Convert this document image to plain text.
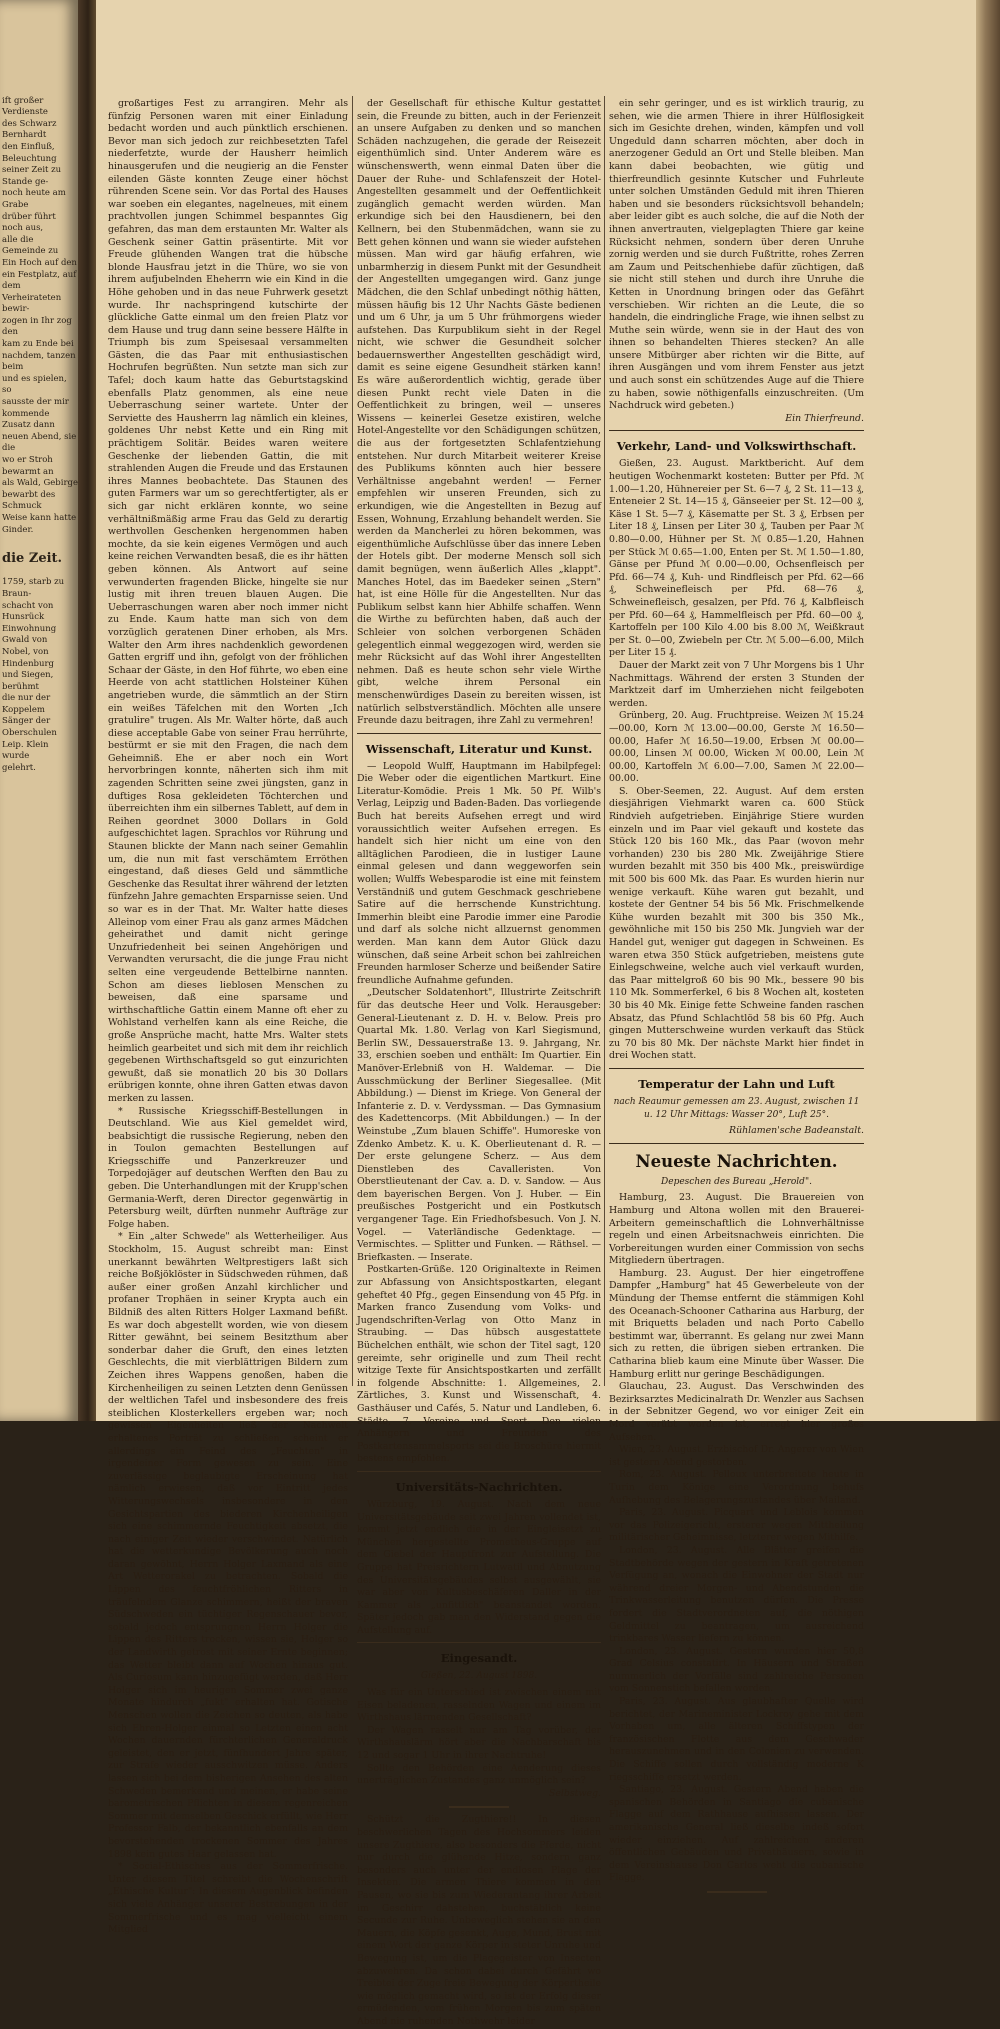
ift großer Verdienste
des Schwarz Bernhardt
den Einfluß, Beleuchtung
seiner Zeit zu Stande ge-
noch heute am Grabe
drüber führt noch aus,
alle die Gemeinde zu
Ein Hoch auf den
ein Festplatz, auf dem
Verheirateten bewir-
zogen in Ihr zog den
kam zu Ende bei
nachdem, tanzen beim
und es spielen, so
sausste der mir
kommende Zusatz dann
neuen Abend, sie die
wo er Stroh bewarmt an
als Wald, Gebirge
bewarbt des Schmuck
Weise kann hatte
Ginder.

die Zeit.

1759, starb zu Braun-
schacht von Hunsrück
Einwohnung Gwald von
Nobel, von Hindenburg
und Siegen, berühmt
die nur der Koppelem
Sänger der Oberschulen
Leip. Klein wurde
gelehrt.

großartiges Fest zu arrangiren. Mehr als fünfzig Personen waren mit einer Einladung bedacht worden und auch pünktlich erschienen. Bevor man sich jedoch zur reichbesetzten Tafel niederfetzte, wurde der Hausherr heimlich hinausgerufen und die neugierig an die Fenster eilenden Gäste konnten Zeuge einer höchst rührenden Scene sein. Vor das Portal des Hauses war soeben ein elegantes, nagelneues, mit einem prachtvollen jungen Schimmel bespanntes Gig gefahren, das man dem erstaunten Mr. Walter als Geschenk seiner Gattin präsentirte. Mit vor Freude glühenden Wangen trat die hübsche blonde Hausfrau jetzt in die Thüre, wo sie von ihrem aufjubelnden Eheherrn wie ein Kind in die Höhe gehoben und in das neue Fuhrwerk gesetzt wurde. Ihr nachspringend kutschirte der glückliche Gatte einmal um den freien Platz vor dem Hause und trug dann seine bessere Hälfte in Triumph bis zum Speisesaal versammelten Gästen, die das Paar mit enthusiastischen Hochrufen begrüßten. Nun setzte man sich zur Tafel; doch kaum hatte das Geburtstagskind ebenfalls Platz genommen, als eine neue Ueberraschung seiner wartete. Unter der Serviette des Hausherrn lag nämlich ein kleines, goldenes Uhr nebst Kette und ein Ring mit prächtigem Solitär. Beides waren weitere Geschenke der liebenden Gattin, die mit strahlenden Augen die Freude und das Erstaunen ihres Mannes beobachtete. Das Staunen des guten Farmers war um so gerechtfertigter, als er sich gar nicht erklären konnte, wo seine verhältnißmäßig arme Frau das Geld zu derartig werthvollen Geschenken hergenommen haben mochte, da sie kein eigenes Vermögen und auch keine reichen Verwandten besaß, die es ihr hätten geben können. Als Antwort auf seine verwunderten fragenden Blicke, hingelte sie nur lustig mit ihren treuen blauen Augen. Die Ueberraschungen waren aber noch immer nicht zu Ende. Kaum hatte man sich von dem vorzüglich geratenen Diner erhoben, als Mrs. Walter den Arm ihres nachdenklich gewordenen Gatten ergriff und ihn, gefolgt von der fröhlichen Schaar der Gäste, in den Hof führte, wo eben eine Heerde von acht stattlichen Holsteiner Kühen angetrieben wurde, die sämmtlich an der Stirn ein weißes Täfelchen mit den Worten „Ich gratulire" trugen. Als Mr. Walter hörte, daß auch diese acceptable Gabe von seiner Frau herrührte, bestürmt er sie mit den Fragen, die nach dem Geheimniß. Ehe er aber noch ein Wort hervorbringen konnte, näherten sich ihm mit zagenden Schritten seine zwei jüngsten, ganz in duftiges Rosa gekleideten Töchterchen und überreichten ihm ein silbernes Tablett, auf dem in Reihen geordnet 3000 Dollars in Gold aufgeschichtet lagen. Sprachlos vor Rührung und Staunen blickte der Mann nach seiner Gemahlin um, die nun mit fast verschämtem Erröthen eingestand, daß dieses Geld und sämmtliche Geschenke das Resultat ihrer während der letzten fünfzehn Jahre gemachten Ersparnisse seien. Und so war es in der That. Mr. Walter hatte dieses Alleinop vom einer Frau als ganz armes Mädchen geheirathet und damit nicht geringe Unzufriedenheit bei seinen Angehörigen und Verwandten verursacht, die die junge Frau nicht selten eine vergeudende Bettelbirne nannten. Schon am dieses lieblosen Menschen zu beweisen, daß eine sparsame und wirthschaftliche Gattin einem Manne oft eher zu Wohlstand verhelfen kann als eine Reiche, die große Ansprüche macht, hatte Mrs. Walter stets heimlich gearbeitet und sich mit dem ihr reichlich gegebenen Wirthschaftsgeld so gut einzurichten gewußt, daß sie monatlich 20 bis 30 Dollars erübrigen konnte, ohne ihren Gatten etwas davon merken zu lassen.

* Russische Kriegsschiff-Bestellungen in Deutschland. Wie aus Kiel gemeldet wird, beabsichtigt die russische Regierung, neben den in Toulon gemachten Bestellungen auf Kriegsschiffe und Panzerkreuzer und Torpedojäger auf deutschen Werften den Bau zu geben. Die Unterhandlungen mit der Krupp'schen Germania-Werft, deren Director gegenwärtig in Petersburg weilt, dürften nunmehr Aufträge zur Folge haben.

* Ein „alter Schwede" als Wetterheiliger. Aus Stockholm, 15. August schreibt man: Einst unerkannt bewährten Weltprestigers laßt sich reiche Boßjöklöster in Südschweden rühmen, daß außer einer großen Anzahl kirchlicher und profaner Trophäen in seiner Krypta auch ein Bildniß des alten Ritters Holger Laxmand befißt. Es war doch abgestellt worden, wie von diesem Ritter gewähnt, bei seinem Besitzthum aber sonderbar daher die Gruft, den eines letzten Geschlechts, die mit vierblättrigen Bildern zum Zeichen ihres Wappens genoßen, haben die Kirchenheiligen zu seinen Letzten denn Genüssen der weltlichen Tafel und insbesondere des freis steiblichen Klosterkellers ergeben war; noch gewissen Eigenheiten ließ der Nachwelt erhaltenes Porträt zu schließen, scheint er allerdings ein Feind des „Feuchten" in irgendeiner Form gewesen zu sein. Eine zuverlässige beglaubigte Erscheinung hat nämlich erwiesen, daß vor Eintritt jedes Witterungswechsels insbesondere in den Gesichtspartien des biederen Kirchenheiligen sich eine schimmernde Feuchtigkeit absetzt, die nach einiger Zeit wieder verschwindet. Natürlich hat die wetterkundige Bevölkerung auch noch daran gewöhnt, Herrn Holger Laxmand als eine Art Wetterorakel zu betrachten. Sobald die Lippen des feuchtfröhlichen Ritters in träufelndem Glanze schimmern, heißt der braven Südschweden ein tüchtiger Regenschauer bevor, sobald jedoch entsprungnen Herrn Holger die Lippen des Ritters trocken, wissen sie, Holger so der Landwirth getrost mit seiner Ernte beginnen; das Wetter bleibt dann auf Wochen hinaus gut. Als Curiosum kann hinzugefügt werden, daß Herr Holger sich im heurigen Sommer zwei ganze Monate hindurch „fukt" erhalten hat. Gotische Menschen wollen die Zeichen so deuten, als habe sich Ehren-Holger einmal so Letzten einen acht Wochen dauernden fürchterlichen Generaldruck geleistet, den er jetzt, fünfhundert Jahre später, zur Strafe wieder ausschwitzen müsse. Anders lassen sich bei dem bisherigen Ansehen des alten Schweden bemerkend und meinen, er habe seine barometrischen Pflichten in diesem regenreichen Sommer mit demselben Geschick erfüllt, wie Herr Professor Falb, der bekanntlich ebenfalls an dem bevorstehenden trockenen Sommer des Jahres 1898 kein gutes Haar gelassen hat.

* Social-Ethisches aus der Sommerfrische. Unter diesem Titel schreibt die Wochenschrift „Ethische Kultur": In diesem Augenblick befinden sich viele Anhänger unserer Bestrebungen in der Sommerfrische und es mag vielleicht einem Mitglied

der Gesellschaft für ethische Kultur gestattet sein, die Freunde zu bitten, auch in der Ferienzeit an unsere Aufgaben zu denken und so manchen Schäden nachzugehen, die gerade der Reisezeit eigenthümlich sind. Unter Anderem wäre es wünschenswerth, wenn einmal Daten über die Dauer der Ruhe- und Schlafenszeit der Hotel-Angestellten gesammelt und der Oeffentlichkeit zugänglich gemacht werden würden. Man erkundige sich bei den Hausdienern, bei den Kellnern, bei den Stubenmädchen, wann sie zu Bett gehen können und wann sie wieder aufstehen müssen. Man wird gar häufig erfahren, wie unbarmherzig in diesem Punkt mit der Gesundheit der Angestellten umgegangen wird. Ganz junge Mädchen, die den Schlaf unbedingt nöthig hätten, müssen häufig bis 12 Uhr Nachts Gäste bedienen und um 6 Uhr, ja um 5 Uhr frühmorgens wieder aufstehen. Das Kurpublikum sieht in der Regel nicht, wie schwer die Gesundheit solcher bedauernswerther Angestellten geschädigt wird, damit es seine eigene Gesundheit stärken kann! Es wäre außerordentlich wichtig, gerade über diesen Punkt recht viele Daten in die Oeffentlichkeit zu bringen, weil — unseres Wissens — keinerlei Gesetze existiren, welche Hotel-Angestellte vor den Schädigungen schützen, die aus der fortgesetzten Schlafentziehung entstehen. Nur durch Mitarbeit weiterer Kreise des Publikums könnten auch hier bessere Verhältnisse angebahnt werden! — Ferner empfehlen wir unseren Freunden, sich zu erkundigen, wie die Angestellten in Bezug auf Essen, Wohnung, Erzahlung behandelt werden. Sie werden da Mancherlei zu hören bekommen, was eigenthümliche Aufschlüsse über das innere Leben der Hotels gibt. Der moderne Mensch soll sich damit begnügen, wenn äußerlich Alles „klappt". Manches Hotel, das im Baedeker seinen „Stern" hat, ist eine Hölle für die Angestellten. Nur das Publikum selbst kann hier Abhilfe schaffen. Wenn die Wirthe zu befürchten haben, daß auch der Schleier von solchen verborgenen Schäden gelegentlich einmal weggezogen wird, werden sie mehr Rücksicht auf das Wohl ihrer Angestellten nehmen. Daß es heute schon sehr viele Wirthe gibt, welche ihrem Personal ein menschenwürdiges Dasein zu bereiten wissen, ist natürlich selbstverständlich. Möchten alle unsere Freunde dazu beitragen, ihre Zahl zu vermehren!

Wissenschaft, Literatur und Kunst.

— Leopold Wulff, Hauptmann im Habilpfegel: Die Weber oder die eigentlichen Martkurt. Eine Literatur-Komödie. Preis 1 Mk. 50 Pf. Wilb's Verlag, Leipzig und Baden-Baden. Das vorliegende Buch hat bereits Aufsehen erregt und wird voraussichtlich weiter Aufsehen erregen. Es handelt sich hier nicht um eine von den alltäglichen Parodieen, die in lustiger Laune einmal gelesen und dann weggeworfen sein wollen; Wulffs Webesparodie ist eine mit feinstem Verständniß und gutem Geschmack geschriebene Satire auf die herrschende Kunstrichtung. Immerhin bleibt eine Parodie immer eine Parodie und darf als solche nicht allzuernst genommen werden. Man kann dem Autor Glück dazu wünschen, daß seine Arbeit schon bei zahlreichen Freunden harmloser Scherze und beißender Satire freundliche Aufnahme gefunden.

„Deutscher Soldatenhort", Illustrirte Zeitschrift für das deutsche Heer und Volk. Herausgeber: General-Lieutenant z. D. H. v. Below. Preis pro Quartal Mk. 1.80. Verlag von Karl Siegismund, Berlin SW., Dessauerstraße 13. 9. Jahrgang, Nr. 33, erschien soeben und enthält: Im Quartier. Ein Manöver-Erlebniß von H. Waldemar. — Die Ausschmückung der Berliner Siegesallee. (Mit Abbildung.) — Dienst im Kriege. Von General der Infanterie z. D. v. Verdyssman. — Das Gymnasium des Kadettencorps. (Mit Abbildungen.) — In der Weinstube „Zum blauen Schiffe". Humoreske von Zdenko Ambetz. K. u. K. Oberlieutenant d. R. — Der erste gelungene Scherz. — Aus dem Dienstleben des Cavalleristen. Von Oberstlieutenant der Cav. a. D. v. Sandow. — Aus dem bayerischen Bergen. Von J. Huber. — Ein preußisches Postgericht und ein Postkutsch vergangener Tage. Ein Friedhofsbesuch. Von J. N. Vogel. — Vaterländische Gedenktage. — Vermischtes. — Splitter und Funken. — Räthsel. — Briefkasten. — Inserate.

Postkarten-Grüße. 120 Originaltexte in Reimen zur Abfassung von Ansichtspostkarten, elegant geheftet 40 Pfg., gegen Einsendung von 45 Pfg. in Marken franco Zusendung vom Volks- und Jugendschriften-Verlag von Otto Manz in Straubing. — Das hübsch ausgestattete Büchelchen enthält, wie schon der Titel sagt, 120 gereimte, sehr originelle und zum Theil recht witzige Texte für Ansichtspostkarten und zerfällt in folgende Abschnitte: 1. Allgemeines, 2. Zärtliches, 3. Kunst und Wissenschaft, 4. Gasthäuser und Cafés, 5. Natur und Landleben, 6. Städte, 7. Vereine und Sport. Den vielen Anhängern und Freunden des Postkartensammelsports sei die Broschüre hiermit bestens empfohlen.

Universitäts-Nachrichten.

Würzburg, 19. August. Nach dem neue Universitätsgebäude seit zwei Jahren vollendet ist, kommt jetzt endlich die in der Eingleisetzt zu München hergestellte Prometheus-Gruppe auf dem Giebel der Hauptfront zur Aufstellung. Die Gruppe hat Preisrichtern Lutwatil und Abnutzung des Universitätsgebäudes selbst ausgewählt, sie war aber von Kultusbeschäferen Daller in der Kammer als „unfittlich" beanstandet worden. Später jedoch gab man den Widerstand gegen die Aufstellung auf.

Eingesandt.

Gießen, 22. August 1898.

Was für ein Unterschied ist zwischen einem mit Eisen beladenen, rasselnden Wagen und einem im Wirthshaus lärmenden Gesellschaft?

Der Wagen rasselt nur am Tag vorüber, der Wirthshauslärm hört aber die Nachbarschaft bis 12 und sogar 1 Uhr in ihrer Nachtruhe!

Sollte den Behörden eine Aenderung dieses unerträglichen Zustandes ganz unmöglich sein?

Selbstweg.

Schützt die Zugthiere!! In diesen beschwerlichen Tagen des Hochsommers leiden unsere Zugthiere, also besonders die Pferde, nicht nur durch die glühende Hitze, sondern ganz besonders auch unter der endlosen Plage der Insekten. Die armen Thiere kommen in den Pausen, wo sie bis zum Wiederantang ihrer Arbeit im Geschirr dahstehen, buchstäblich keine Secunde zur Ruhe. Unbeweglich stehen sie an den Mauern, die Köpfe gesenkt, Auge, Mund, Brust mit einem Wort der ganze Körper in steter Unruhe und Bewegung ist, um die Plagegeister von Insecten abzuwehren. Da schon dabei durch Gefährt wo Treibtei der Zuge freie Bewegung der Körpertheile wie möglich gemacht wird, so ist der Erfolg dieser ermüdenden, vom frühen Morgen bis zum späten Abend nie ruhenden Nothwehr leider

ein sehr geringer, und es ist wirklich traurig, zu sehen, wie die armen Thiere in ihrer Hülflosigkeit sich im Gesichte drehen, winden, kämpfen und voll Ungeduld dann scharren möchten, aber doch in anerzogener Geduld an Ort und Stelle bleiben. Man kann dabei beobachten, wie gütig und thierfreundlich gesinnte Kutscher und Fuhrleute unter solchen Umständen Geduld mit ihren Thieren haben und sie besonders rücksichtsvoll behandeln; aber leider gibt es auch solche, die auf die Noth der ihnen anvertrauten, vielgeplagten Thiere gar keine Rücksicht nehmen, sondern über deren Unruhe zornig werden und sie durch Fußtritte, rohes Zerren am Zaum und Peitschenhiebe dafür züchtigen, daß sie nicht still stehen und durch ihre Unruhe die Ketten in Unordnung bringen oder das Gefährt verschieben. Wir richten an die Leute, die so handeln, die eindringliche Frage, wie ihnen selbst zu Muthe sein würde, wenn sie in der Haut des von ihnen so behandelten Thieres stecken? An alle unsere Mitbürger aber richten wir die Bitte, auf ihren Ausgängen und vom ihrem Fenster aus jetzt und auch sonst ein schützendes Auge auf die Thiere zu haben, sowie nöthigenfalls einzuschreiten. (Um Nachdruck wird gebeten.)

Ein Thierfreund.

Verkehr, Land- und Volkswirthschaft.

Gießen, 23. August. Marktbericht. Auf dem heutigen Wochenmarkt kosteten: Butter per Pfd. ℳ 1.00—1.20, Hühnereier per St. 6—7 ₰, 2 St. 11—13 ₰, Enteneier 2 St. 14—15 ₰, Gänseeier per St. 12—00 ₰, Käse 1 St. 5—7 ₰, Käsematte per St. 3 ₰, Erbsen per Liter 18 ₰, Linsen per Liter 30 ₰, Tauben per Paar ℳ 0.80—0.00, Hühner per St. ℳ 0.85—1.20, Hahnen per Stück ℳ 0.65—1.00, Enten per St. ℳ 1.50—1.80, Gänse per Pfund ℳ 0.00—0.00, Ochsenfleisch per Pfd. 66—74 ₰, Kuh- und Rindfleisch per Pfd. 62—66 ₰, Schweinefleisch per Pfd. 68—76 ₰, Schweinefleisch, gesalzen, per Pfd. 76 ₰, Kalbfleisch per Pfd. 60—64 ₰, Hammelfleisch per Pfd. 60—00 ₰, Kartoffeln per 100 Kilo 4.00 bis 8.00 ℳ, Weißkraut per St. 0—00, Zwiebeln per Ctr. ℳ 5.00—6.00, Milch per Liter 15 ₰.

Dauer der Markt zeit von 7 Uhr Morgens bis 1 Uhr Nachmittags. Während der ersten 3 Stunden der Marktzeit darf im Umherziehen nicht feilgeboten werden.

Grünberg, 20. Aug. Fruchtpreise. Weizen ℳ 15.24—00.00, Korn ℳ 13.00—00.00, Gerste ℳ 16.50—00.00, Hafer ℳ 16.50—19.00, Erbsen ℳ 00.00—00.00, Linsen ℳ 00.00, Wicken ℳ 00.00, Lein ℳ 00.00, Kartoffeln ℳ 6.00—7.00, Samen ℳ 22.00—00.00.

S. Ober-Seemen, 22. August. Auf dem ersten diesjährigen Viehmarkt waren ca. 600 Stück Rindvieh aufgetrieben. Einjährige Stiere wurden einzeln und im Paar viel gekauft und kostete das Stück 120 bis 160 Mk., das Paar (wovon mehr vorhanden) 230 bis 280 Mk. Zweijährige Stiere wurden bezahlt mit 350 bis 400 Mk., preiswürdige mit 500 bis 600 Mk. das Paar. Es wurden hierin nur wenige verkauft. Kühe waren gut bezahlt, und kostete der Gentner 54 bis 56 Mk. Frischmelkende Kühe wurden bezahlt mit 300 bis 350 Mk., gewöhnliche mit 150 bis 250 Mk. Jungvieh war der Handel gut, weniger gut dagegen in Schweinen. Es waren etwa 350 Stück aufgetrieben, meistens gute Einlegschweine, welche auch viel verkauft wurden, das Paar mittelgroß 60 bis 90 Mk., bessere 90 bis 110 Mk. Sommerferkel, 6 bis 8 Wochen alt, kosteten 30 bis 40 Mk. Einige fette Schweine fanden raschen Absatz, das Pfund Schlachtlöd 58 bis 60 Pfg. Auch gingen Mutterschweine wurden verkauft das Stück zu 70 bis 80 Mk. Der nächste Markt hier findet in drei Wochen statt.

Temperatur der Lahn und Luft

nach Reaumur gemessen am 23. August, zwischen 11 u. 12 Uhr Mittags: Wasser 20°, Luft 25°.

Rühlamen'sche Badeanstalt.

Neueste Nachrichten.

Depeschen des Bureau „Herold".

Hamburg, 23. August. Die Brauereien von Hamburg und Altona wollen mit den Brauerei-Arbeitern gemeinschaftlich die Lohnverhältnisse regeln und einen Arbeitsnachweis einrichten. Die Vorbereitungen wurden einer Commission von sechs Mitgliedern übertragen.

Hamburg. 23. August. Der hier eingetroffene Dampfer „Hamburg" hat 45 Gewerbeleute von der Mündung der Themse entfernt die stämmigen Kohl des Oceanach-Schooner Catharina aus Harburg, der mit Briquetts beladen und nach Porto Cabello bestimmt war, überrannt. Es gelang nur zwei Mann sich zu retten, die übrigen sieben ertranken. Die Catharina blieb kaum eine Minute über Wasser. Die Hamburg erlitt nur geringe Beschädigungen.

Glauchau, 23. August. Das Verschwinden des Bezirksarztes Medicinalrath Dr. Wenzler aus Sachsen in der Sebnitzer Gegend, wo vor einiger Zeit ein Mord verübt worden ist, erregt hier großes Aufsehen.

Wien, 23. August. Erzbischof Dr. Angerer von Wien ist gestern Abend gestorben.

Rom, 23. August. Pelloux unterbreitete heute in Turin dem Könige eine Verordnung behufs Aufhebung des Belagerungszustandes über Mailand.

Paris, 23. August. Picquart und Leblois kommen vor das Polizeigericht, ersterer wegen Mittheilung militärischer Geheimnisse, letzterer wegen Mithilfe.

London, 23. August. Alle Blätter greifen die Stadtbehörde wegen der gestern in Kraft getretenen Verfügung an, wonach die Einwohner der Stadt nur während dreier Morgen- und Abendstunden die Trinkwasserleitung benutzen dürfen. Die Presse fordert die Stadtverordneten auf, die nöthigen Geldmittel zu beantragen, um ausreichend trinkbares Wasser liefern zu können.

London, 23. August. Gestern wurden hier 50,8 Grad Celsius constatirt. In Häusern und Straßen nummerlich der Vorfälle sind zahlreiche Personen vom Sonnenstich befallen worden.

Paris, 23. August. Aus glaubhafter Quelle wird berichtet, der Marineminister Lockroy gehe mit dem Vorhaben um, alle älteren Schiffstypen der französischen Flotte aus dem Geschwader herauszunehmen und in den Colonien zu verwenden. Die Schiffe sollen durch vollständig moderne K riegsschiffe ersetzt werden.

Santiago, 23. August. Gestern Abend haben die spanischen Behörden in Santiago die cubanische Flagge auf dem Rathhause aufhissen lassen. Der amerikanische General ließ dieselbe indeß sofort wieder einziehen. Auf zahlreichen anderen öffentlichen Gebäuden und Privathäusern, sowie in dem Vereinshause Don Carlos weht die cubanische Flagge.
